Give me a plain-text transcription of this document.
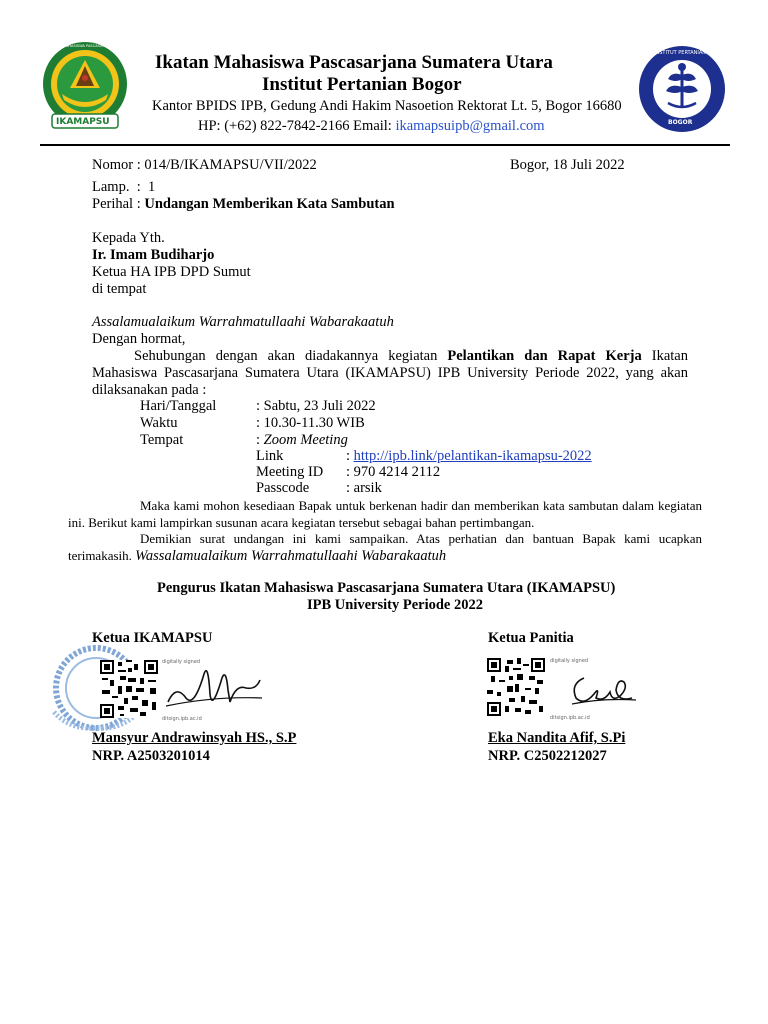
IKAMAPSU
IKATAN MAHASISWA PASCASARJANA
INSTITUT PERTANIAN
BOGOR
Ikatan Mahasiswa Pascasarjana Sumatera Utara
Institut Pertanian Bogor
Kantor BPIDS IPB, Gedung Andi Hakim Nasoetion Rektorat Lt. 5, Bogor 16680
HP: (+62) 822-7842-2166 Email: ikamapsuipb@gmail.com
Nomor : 014/B/IKAMAPSU/VII/2022	Bogor, 18 Juli 2022
Lamp.  :  1
Perihal : Undangan Memberikan Kata Sambutan
Kepada Yth.
Ir. Imam Budiharjo
Ketua HA IPB DPD Sumut
di tempat
Assalamualaikum Warrahmatullaahi Wabarakaatuh
Dengan hormat,
Sehubungan dengan akan diadakannya kegiatan Pelantikan dan Rapat Kerja Ikatan Mahasiswa Pascasarjana Sumatera Utara (IKAMAPSU) IPB University Periode 2022, yang akan dilaksanakan pada :
Hari/Tanggal	: Sabtu, 23 Juli 2022
Waktu	: 10.30-11.30 WIB
Tempat	: Zoom Meeting
Link	: http://ipb.link/pelantikan-ikamapsu-2022
Meeting ID : 970 4214 2112
Passcode	: arsik
Maka kami mohon kesediaan Bapak untuk berkenan hadir dan memberikan kata sambutan dalam kegiatan ini. Berikut kami lampirkan susunan acara kegiatan tersebut sebagai bahan pertimbangan.
Demikian surat undangan ini kami sampaikan. Atas perhatian dan bantuan Bapak kami ucapkan terimakasih. Wassalamualaikum Warrahmatullaahi Wabarakaatuh
Pengurus Ikatan Mahasiswa Pascasarjana Sumatera Utara (IKAMAPSU)
IPB University Periode 2022
Ketua IKAMAPSU	Ketua Panitia
digitally signed
ditsign.ipb.ac.id
digitally signed
ditsign.ipb.ac.id
Mansyur Andrawinsyah HS., S.P
NRP. A2503201014
Eka Nandita Afif, S.Pi
NRP. C2502212027
